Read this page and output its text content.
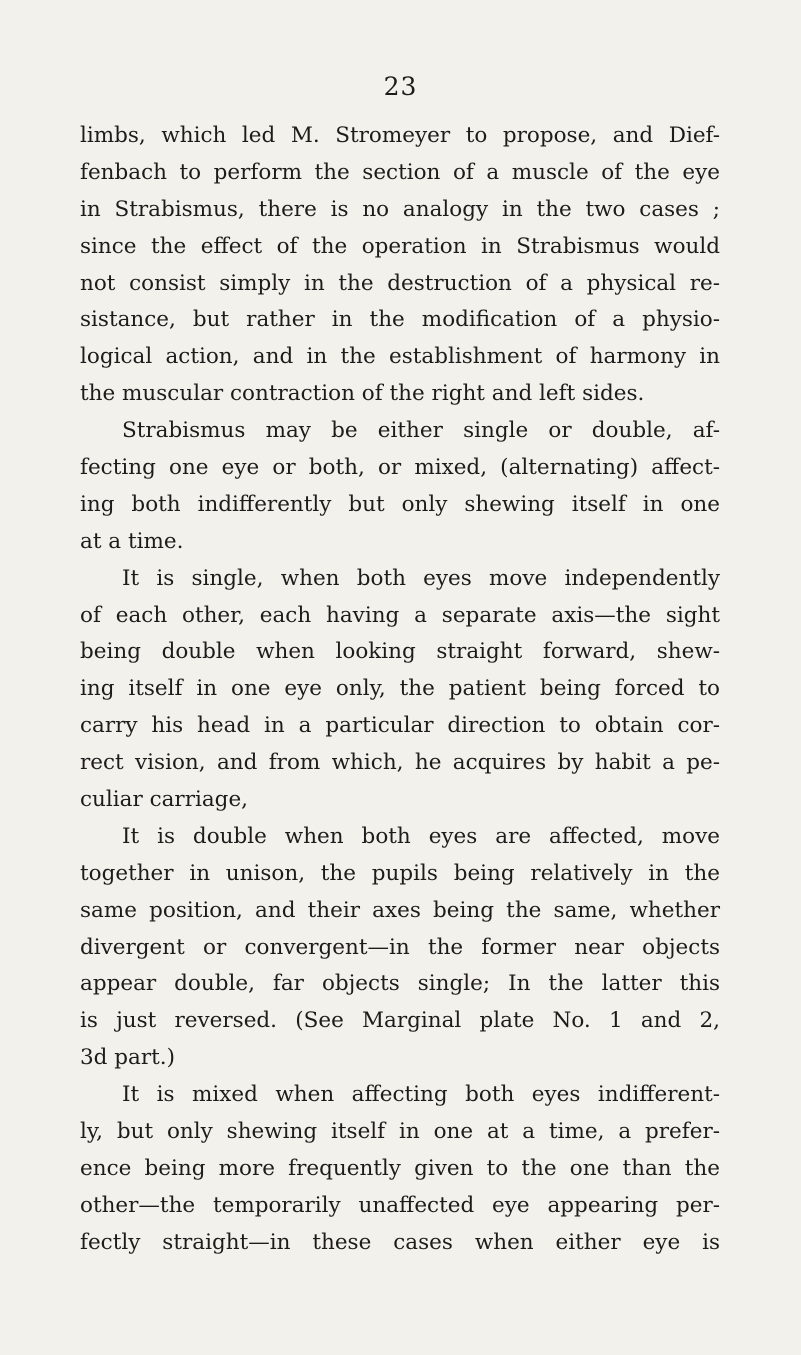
23
limbs, which led M. Stromeyer to propose, and Dief-
fenbach to perform the section of a muscle of the eye
in Strabismus, there is no analogy in the two cases ;
since the effect of the operation in Strabismus would
not consist simply in the destruction of a physical re-
sistance, but rather in the modification of a physio-
logical action, and in the establishment of harmony in
the muscular contraction of the right and left sides.
Strabismus may be either single or double, af-
fecting one eye or both, or mixed, (alternating) affect-
ing both indifferently but only shewing itself in one
at a time.
It is single, when both eyes move independently
of each other, each having a separate axis—the sight
being double when looking straight forward, shew-
ing itself in one eye only, the patient being forced to
carry his head in a particular direction to obtain cor-
rect vision, and from which, he acquires by habit a pe-
culiar carriage,
It is double when both eyes are affected, move
together in unison, the pupils being relatively in the
same position, and their axes being the same, whether
divergent or convergent—in the former near objects
appear double, far objects single; In the latter this
is just reversed. (See Marginal plate No. 1 and 2,
3d part.)
It is mixed when affecting both eyes indifferent-
ly, but only shewing itself in one at a time, a prefer-
ence being more frequently given to the one than the
other—the temporarily unaffected eye appearing per-
fectly straight—in these cases when either eye is
